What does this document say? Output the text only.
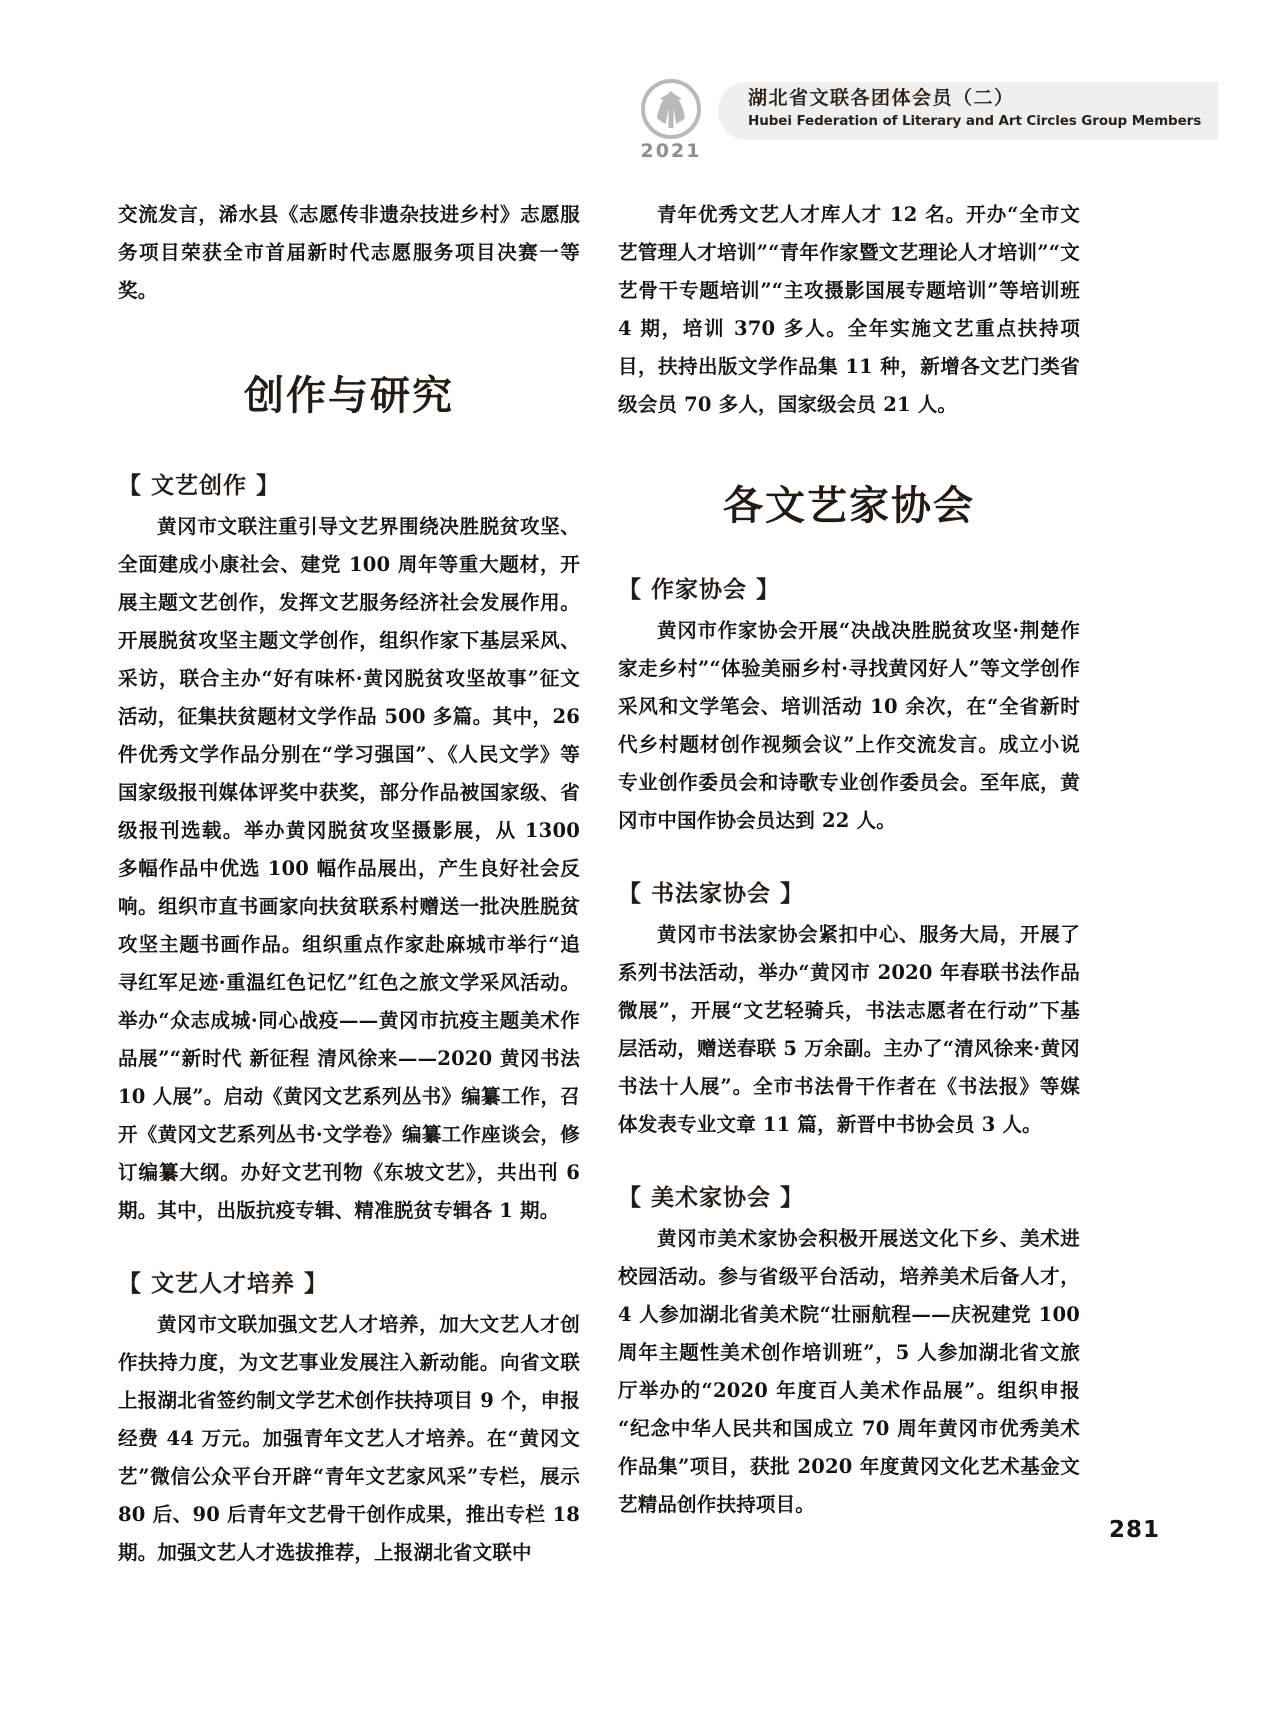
2021
湖北省文联各团体会员（二）
Hubei Federation of Literary and Art Circles Group Members

交流发言，浠水县《志愿传非遗杂技进乡村》志愿服务项目荣获全市首届新时代志愿服务项目决赛一等奖。

创作与研究
【 文艺创作 】

黄冈市文联注重引导文艺界围绕决胜脱贫攻坚、全面建成小康社会、建党 100 周年等重大题材，开展主题文艺创作，发挥文艺服务经济社会发展作用。开展脱贫攻坚主题文学创作，组织作家下基层采风、采访，联合主办“好有味杯·黄冈脱贫攻坚故事”征文活动，征集扶贫题材文学作品 500 多篇。其中，26 件优秀文学作品分别在“学习强国”、《人民文学》等国家级报刊媒体评奖中获奖，部分作品被国家级、省级报刊选载。举办黄冈脱贫攻坚摄影展，从 1300 多幅作品中优选 100 幅作品展出，产生良好社会反响。组织市直书画家向扶贫联系村赠送一批决胜脱贫攻坚主题书画作品。组织重点作家赴麻城市举行“追寻红军足迹·重温红色记忆”红色之旅文学采风活动。举办“众志成城·同心战疫——黄冈市抗疫主题美术作品展”“新时代 新征程 清风徐来——2020 黄冈书法 10 人展”。启动《黄冈文艺系列丛书》编纂工作，召开《黄冈文艺系列丛书·文学卷》编纂工作座谈会，修订编纂大纲。办好文艺刊物《东坡文艺》，共出刊 6 期。其中，出版抗疫专辑、精准脱贫专辑各 1 期。

【 文艺人才培养 】

黄冈市文联加强文艺人才培养，加大文艺人才创作扶持力度，为文艺事业发展注入新动能。向省文联上报湖北省签约制文学艺术创作扶持项目 9 个，申报经费 44 万元。加强青年文艺人才培养。在“黄冈文艺”微信公众平台开辟“青年文艺家风采”专栏，展示 80 后、90 后青年文艺骨干创作成果，推出专栏 18 期。加强文艺人才选拔推荐，上报湖北省文联中

青年优秀文艺人才库人才 12 名。开办“全市文艺管理人才培训”“青年作家暨文艺理论人才培训”“文艺骨干专题培训”“主攻摄影国展专题培训”等培训班 4 期，培训 370 多人。全年实施文艺重点扶持项目，扶持出版文学作品集 11 种，新增各文艺门类省级会员 70 多人，国家级会员 21 人。

各文艺家协会
【 作家协会 】

黄冈市作家协会开展“决战决胜脱贫攻坚·荆楚作家走乡村”“体验美丽乡村·寻找黄冈好人”等文学创作采风和文学笔会、培训活动 10 余次，在“全省新时代乡村题材创作视频会议”上作交流发言。成立小说专业创作委员会和诗歌专业创作委员会。至年底，黄冈市中国作协会员达到 22 人。

【 书法家协会 】

黄冈市书法家协会紧扣中心、服务大局，开展了系列书法活动，举办“黄冈市 2020 年春联书法作品微展”，开展“文艺轻骑兵，书法志愿者在行动”下基层活动，赠送春联 5 万余副。主办了“清风徐来·黄冈书法十人展”。全市书法骨干作者在《书法报》等媒体发表专业文章 11 篇，新晋中书协会员 3 人。

【 美术家协会 】

黄冈市美术家协会积极开展送文化下乡、美术进校园活动。参与省级平台活动，培养美术后备人才，4 人参加湖北省美术院“壮丽航程——庆祝建党 100 周年主题性美术创作培训班”，5 人参加湖北省文旅厅举办的“2020 年度百人美术作品展”。组织申报“纪念中华人民共和国成立 70 周年黄冈市优秀美术作品集”项目，获批 2020 年度黄冈文化艺术基金文艺精品创作扶持项目。

281
